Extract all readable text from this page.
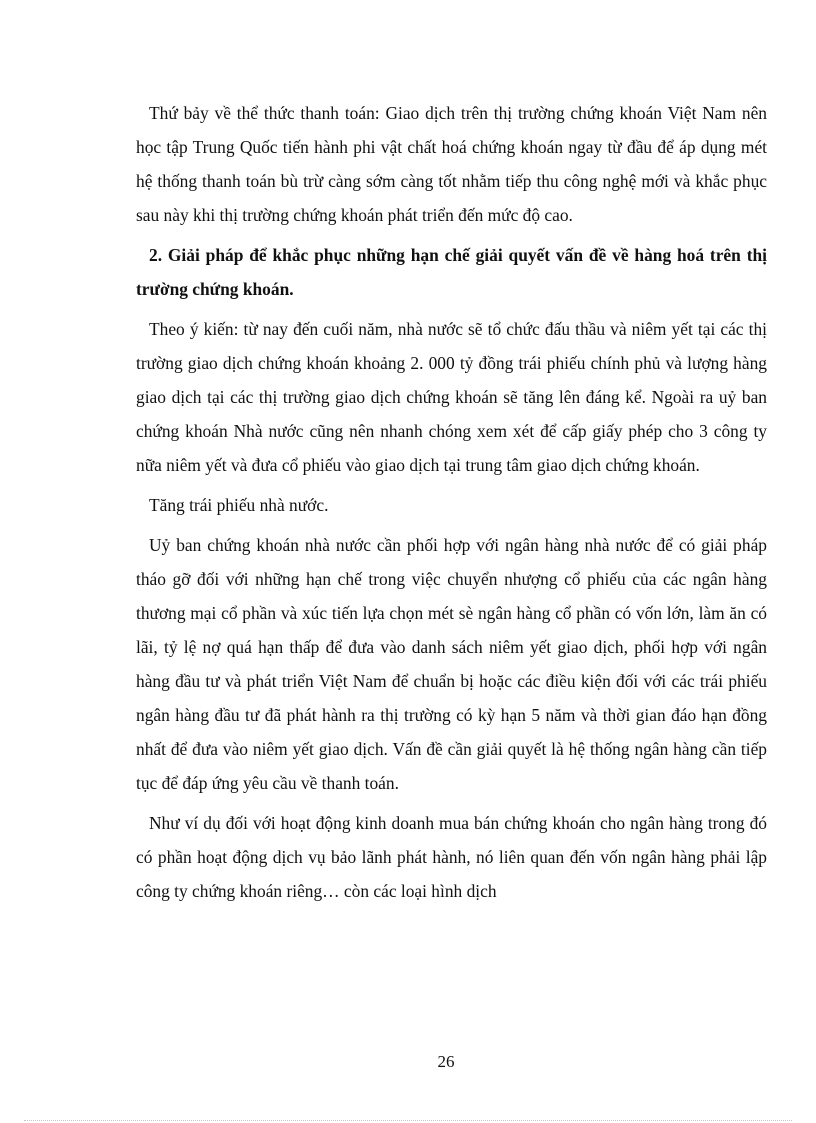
Thứ bảy về thể thức thanh toán: Giao dịch trên thị trường chứng khoán Việt Nam nên học tập Trung Quốc tiến hành phi vật chất hoá chứng khoán ngay từ đầu để áp dụng mét hệ thống thanh toán bù trừ càng sớm càng tốt nhằm tiếp thu công nghệ mới và khắc phục sau này khi thị trường chứng khoán phát triển đến mức độ cao.

2. Giải pháp để khắc phục những hạn chế giải quyết vấn đề về hàng hoá trên thị trường chứng khoán.

Theo ý kiến: từ nay đến cuối năm, nhà nước sẽ tổ chức đấu thầu và niêm yết tại các thị trường giao dịch chứng khoán khoảng 2. 000 tỷ đồng trái phiếu chính phủ và lượng hàng giao dịch tại các thị trường giao dịch chứng khoán sẽ tăng lên đáng kể. Ngoài ra uỷ ban chứng khoán Nhà nước cũng nên nhanh chóng xem xét để cấp giấy phép cho 3 công ty nữa niêm yết và đưa cổ phiếu vào giao dịch tại trung tâm giao dịch chứng khoán.

Tăng trái phiếu nhà nước.

Uỷ ban chứng khoán nhà nước cần phối hợp với ngân hàng nhà nước để có giải pháp tháo gỡ đối với những hạn chế trong việc chuyển nhượng cổ phiếu của các ngân hàng thương mại cổ phần và xúc tiến lựa chọn mét sè ngân hàng cổ phần có vốn lớn, làm ăn có lãi, tỷ lệ nợ quá hạn thấp để đưa vào danh sách niêm yết giao dịch, phối hợp với ngân hàng đầu tư và phát triển Việt Nam để chuẩn bị hoặc các điều kiện đối với các trái phiếu ngân hàng đầu tư đã phát hành ra thị trường có kỳ hạn 5 năm và thời gian đáo hạn đồng nhất để đưa vào niêm yết giao dịch. Vấn đề cần giải quyết là hệ thống ngân hàng cần tiếp tục để đáp ứng yêu cầu về thanh toán.

Như ví dụ đối với hoạt động kinh doanh mua bán chứng khoán cho ngân hàng trong đó có phần hoạt động dịch vụ bảo lãnh phát hành, nó liên quan đến vốn ngân hàng phải lập công ty chứng khoán riêng… còn các loại hình dịch

26
